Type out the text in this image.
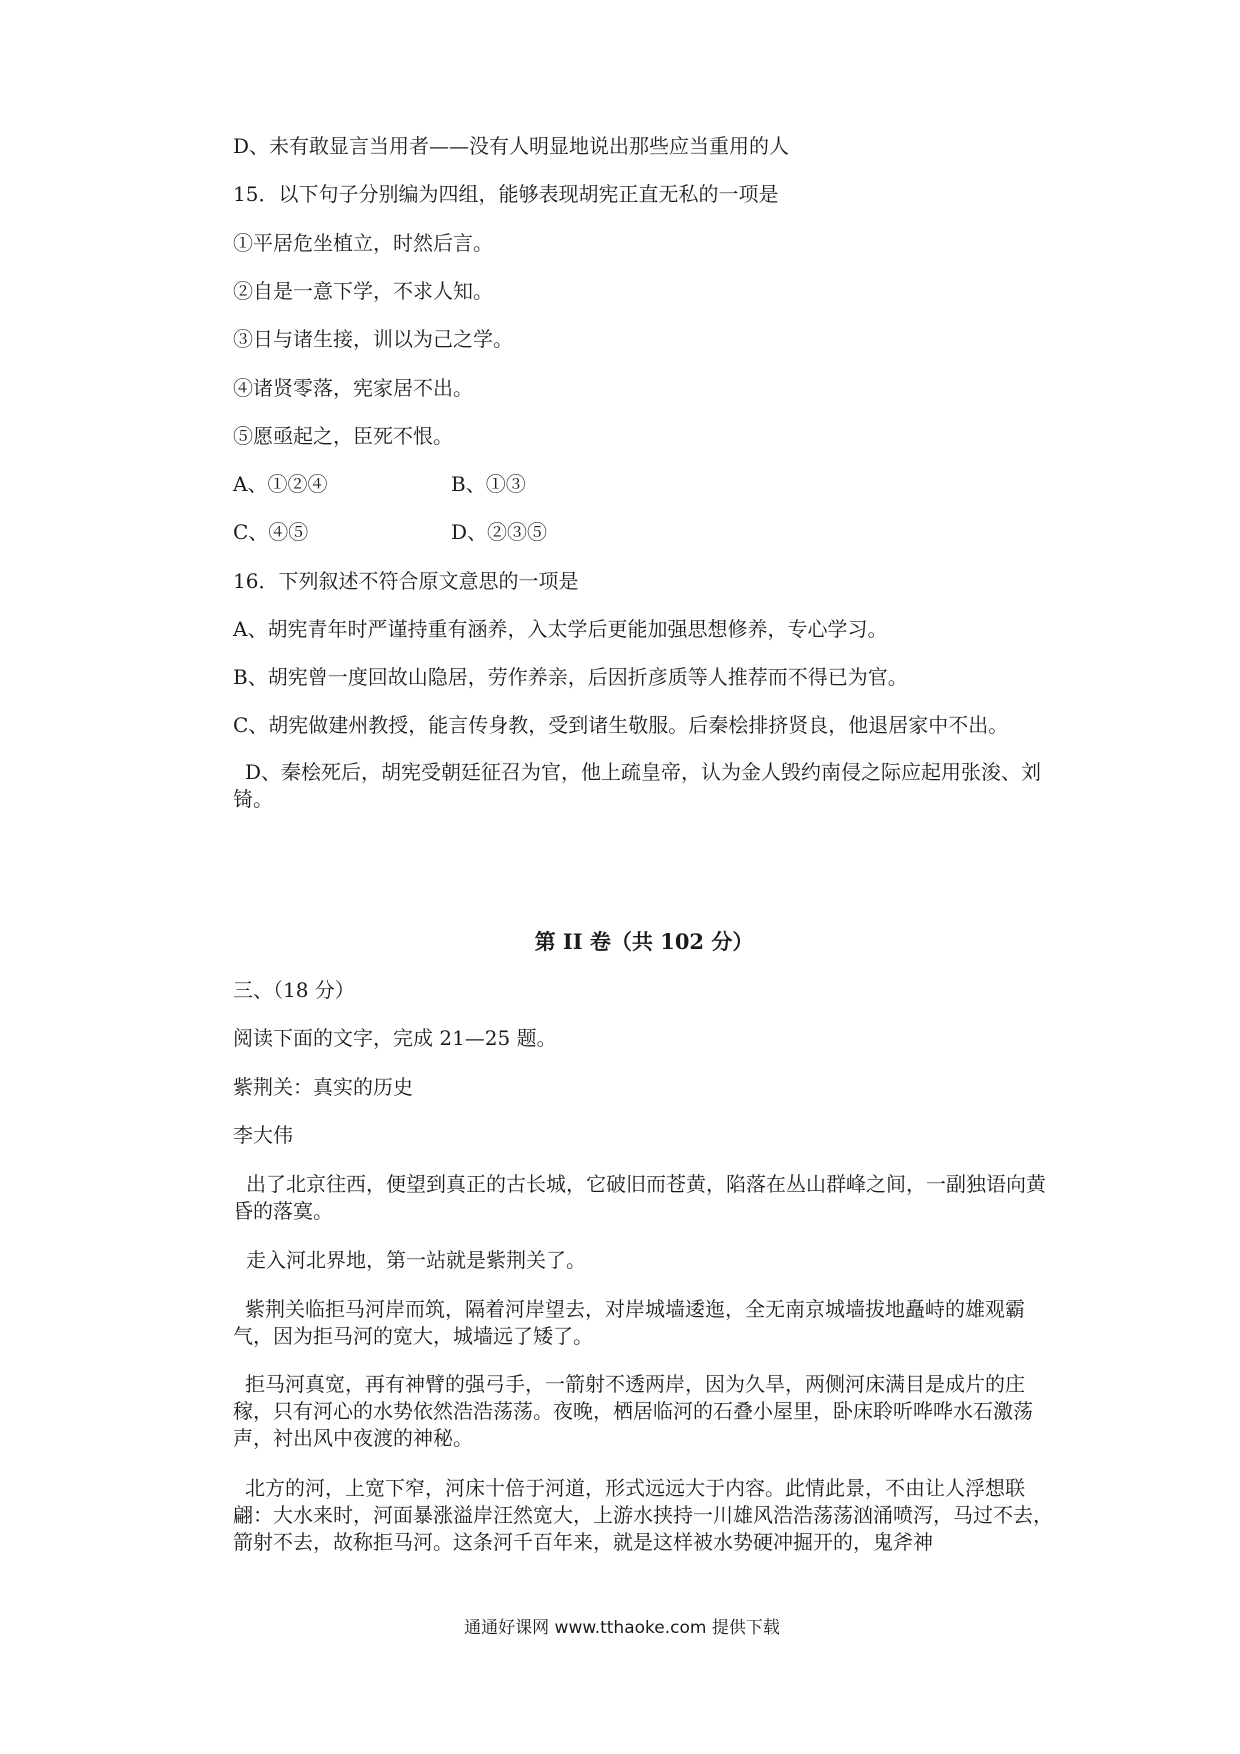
D、未有敢显言当用者——没有人明显地说出那些应当重用的人
15．以下句子分别编为四组，能够表现胡宪正直无私的一项是
①平居危坐植立，时然后言。
②自是一意下学，不求人知。
③日与诸生接，训以为己之学。
④诸贤零落，宪家居不出。
⑤愿亟起之，臣死不恨。
A、①②④	B、①③
C、④⑤	D、②③⑤
16．下列叙述不符合原文意思的一项是
A、胡宪青年时严谨持重有涵养，入太学后更能加强思想修养，专心学习。
B、胡宪曾一度回故山隐居，劳作养亲，后因折彦质等人推荐而不得已为官。
C、胡宪做建州教授，能言传身教，受到诸生敬服。后秦桧排挤贤良，他退居家中不出。
D、秦桧死后，胡宪受朝廷征召为官，他上疏皇帝，认为金人毁约南侵之际应起用张浚、刘锜。
第 II 卷（共 102 分）
三、（18 分）
阅读下面的文字，完成 21—25 题。
紫荆关：真实的历史
李大伟
出了北京往西，便望到真正的古长城，它破旧而苍黄，陷落在丛山群峰之间，一副独语向黄昏的落寞。
走入河北界地，第一站就是紫荆关了。
紫荆关临拒马河岸而筑，隔着河岸望去，对岸城墙逶迤，全无南京城墙拔地矗峙的雄观霸气，因为拒马河的宽大，城墙远了矮了。
拒马河真宽，再有神臂的强弓手，一箭射不透两岸，因为久旱，两侧河床满目是成片的庄稼，只有河心的水势依然浩浩荡荡。夜晚，栖居临河的石叠小屋里，卧床聆听哗哗水石激荡声，衬出风中夜渡的神秘。
北方的河，上宽下窄，河床十倍于河道，形式远远大于内容。此情此景，不由让人浮想联翩：大水来时，河面暴涨溢岸汪然宽大，上游水挟持一川雄风浩浩荡荡汹涌喷泻，马过不去，箭射不去，故称拒马河。这条河千百年来，就是这样被水势硬冲掘开的，鬼斧神
通通好课网 www.tthaoke.com 提供下载
